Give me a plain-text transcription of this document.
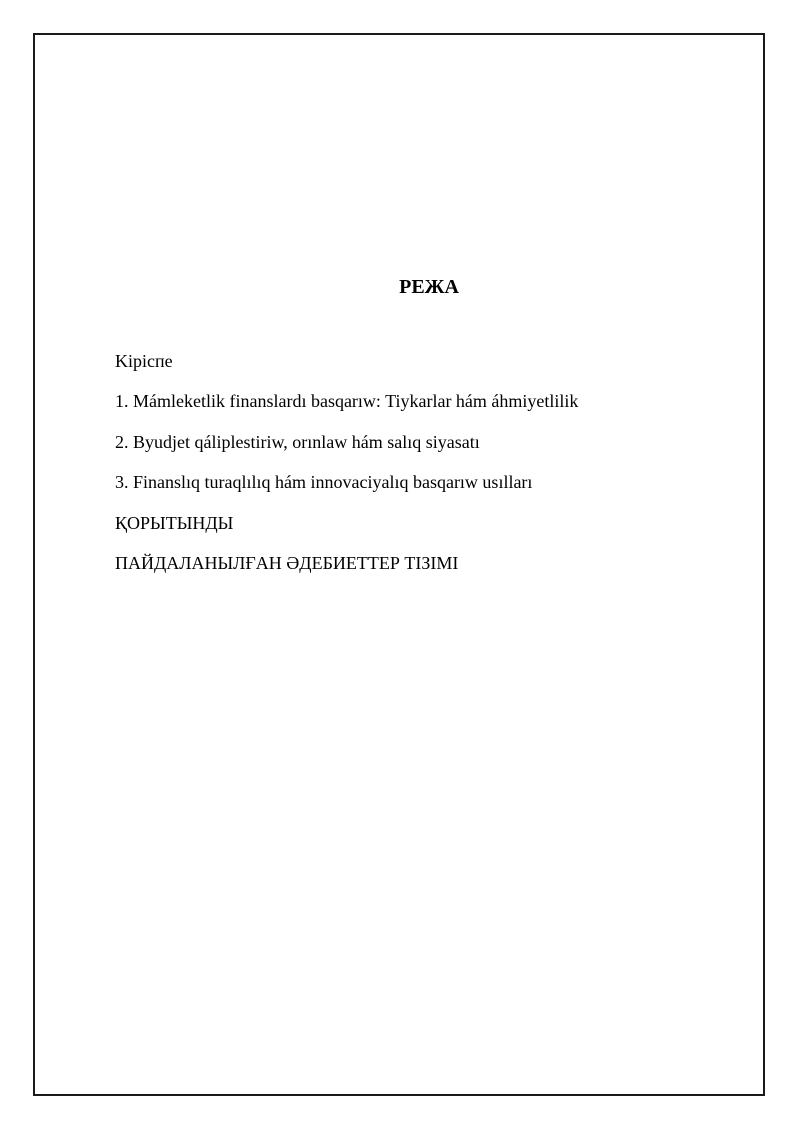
РЕЖА
Kipicпe
1. Mámleketlik finanslardı basqarıw: Tiykarlar hám áhmiyetlilik
2. Byudjet qáliplestiriw, orınlaw hám salıq siyasatı
3. Finanslıq turaqlılıq hám innovaciyalıq basqarıw usılları
ҚОРЫТЫНДЫ
ПАЙДАЛАНЫЛҒАН ӘДЕБИЕТТЕР ТІЗІМІ
